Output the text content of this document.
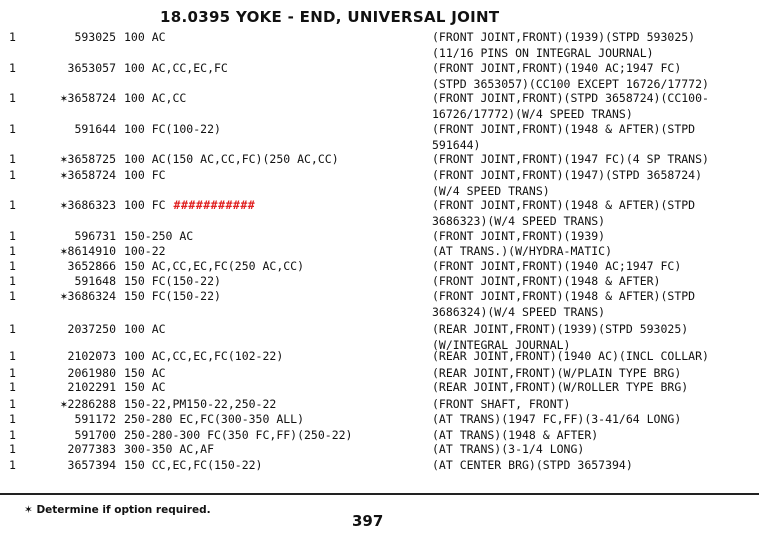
18.0395 YOKE - END, UNIVERSAL JOINT
1	593025 100 AC	(FRONT JOINT,FRONT)(1939)(STPD 593025)
(11/16 PINS ON INTEGRAL JOURNAL)
1	3653057 100 AC,CC,EC,FC	(FRONT JOINT,FRONT)(1940 AC;1947 FC)
(STPD 3653057)(CC100 EXCEPT 16726/17772)
1	✶3658724 100 AC,CC	(FRONT JOINT,FRONT)(STPD 3658724)(CC100-
16726/17772)(W/4 SPEED TRANS)
1	591644 100 FC(100-22)	(FRONT JOINT,FRONT)(1948 & AFTER)(STPD
591644)
1	✶3658725 100 AC(150 AC,CC,FC)(250 AC,CC)	(FRONT JOINT,FRONT)(1947 FC)(4 SP TRANS)
1	✶3658724 100 FC	(FRONT JOINT,FRONT)(1947)(STPD 3658724)
(W/4 SPEED TRANS)
1	✶3686323 100 FC ###########	(FRONT JOINT,FRONT)(1948 & AFTER)(STPD
3686323)(W/4 SPEED TRANS)
1	596731 150-250 AC	(FRONT JOINT,FRONT)(1939)
1	✶8614910 100-22	(AT TRANS.)(W/HYDRA-MATIC)
1	3652866 150 AC,CC,EC,FC(250 AC,CC)	(FRONT JOINT,FRONT)(1940 AC;1947 FC)
1	591648 150 FC(150-22)	(FRONT JOINT,FRONT)(1948 & AFTER)
1	✶3686324 150 FC(150-22)	(FRONT JOINT,FRONT)(1948 & AFTER)(STPD
3686324)(W/4 SPEED TRANS)
1	2037250 100 AC	(REAR JOINT,FRONT)(1939)(STPD 593025)
(W/INTEGRAL JOURNAL)
1	2102073 100 AC,CC,EC,FC(102-22)	(REAR JOINT,FRONT)(1940 AC)(INCL COLLAR)
1	2061980 150 AC	(REAR JOINT,FRONT)(W/PLAIN TYPE BRG)
1	2102291 150 AC	(REAR JOINT,FRONT)(W/ROLLER TYPE BRG)
1	✶2286288 150-22,PM150-22,250-22	(FRONT SHAFT, FRONT)
1	591172 250-280 EC,FC(300-350 ALL)	(AT TRANS)(1947 FC,FF)(3-41/64 LONG)
1	591700 250-280-300 FC(350 FC,FF)(250-22)	(AT TRANS)(1948 & AFTER)
1	2077383 300-350 AC,AF	(AT TRANS)(3-1/4 LONG)
1	3657394 150 CC,EC,FC(150-22)	(AT CENTER BRG)(STPD 3657394)
✶ Determine if option required.
397
